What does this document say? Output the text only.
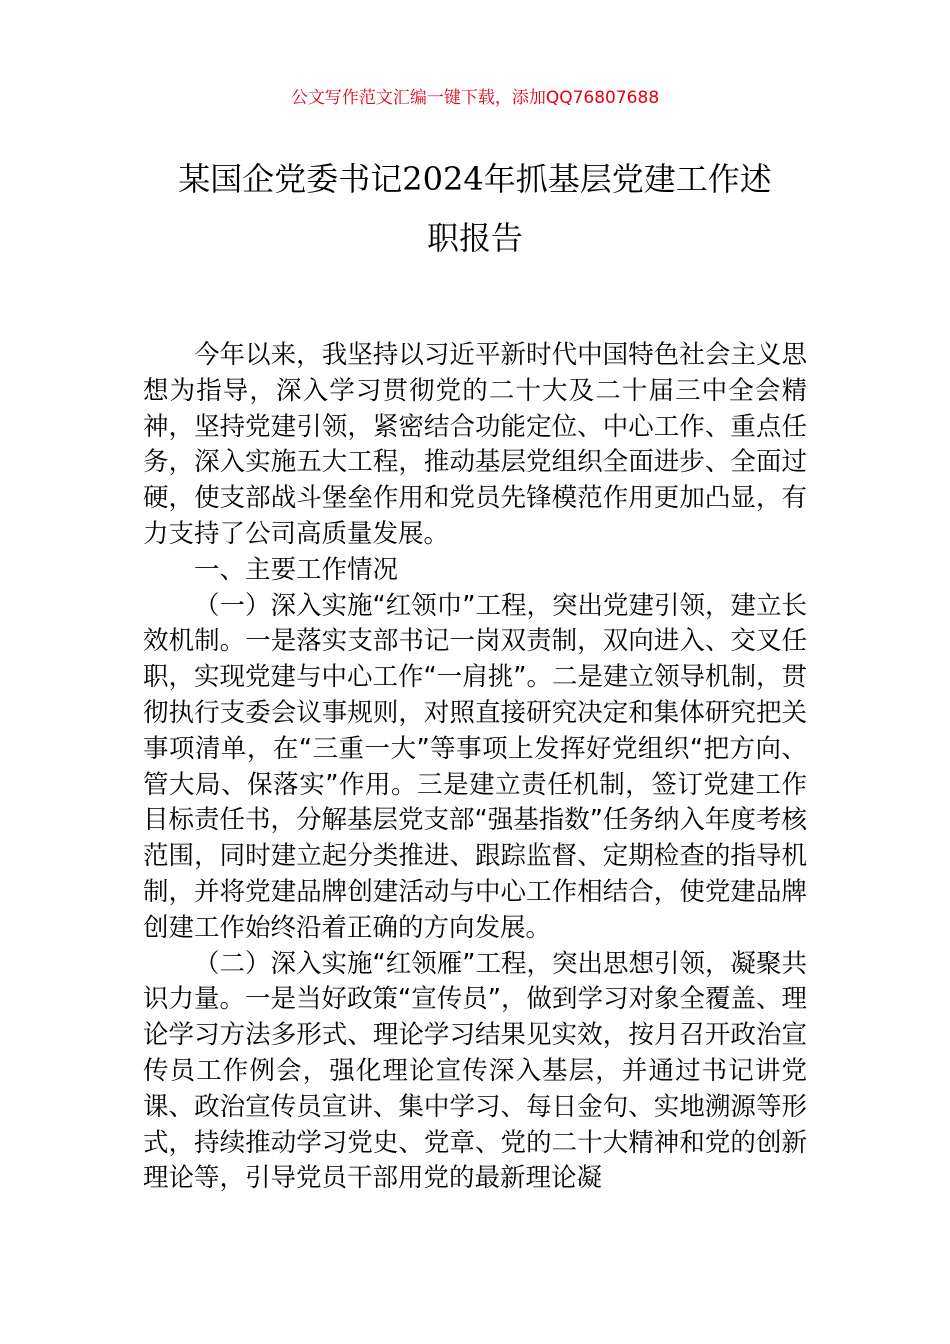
公文写作范文汇编一键下载，添加QQ76807688
某国企党委书记2024年抓基层党建工作述
职报告

今年以来，我坚持以习近平新时代中国特色社会主义思想为指导，深入学习贯彻党的二十大及二十届三中全会精神，坚持党建引领，紧密结合功能定位、中心工作、重点任务，深入实施五大工程，推动基层党组织全面进步、全面过硬，使支部战斗堡垒作用和党员先锋模范作用更加凸显，有力支持了公司高质量发展。

一、主要工作情况

（一）深入实施“红领巾”工程，突出党建引领，建立长效机制。一是落实支部书记一岗双责制，双向进入、交叉任职，实现党建与中心工作“一肩挑”。二是建立领导机制，贯彻执行支委会议事规则，对照直接研究决定和集体研究把关事项清单，在“三重一大”等事项上发挥好党组织“把方向、管大局、保落实”作用。三是建立责任机制，签订党建工作目标责任书，分解基层党支部“强基指数”任务纳入年度考核范围，同时建立起分类推进、跟踪监督、定期检查的指导机制，并将党建品牌创建活动与中心工作相结合，使党建品牌创建工作始终沿着正确的方向发展。

（二）深入实施“红领雁”工程，突出思想引领，凝聚共识力量。一是当好政策“宣传员”，做到学习对象全覆盖、理论学习方法多形式、理论学习结果见实效，按月召开政治宣传员工作例会，强化理论宣传深入基层，并通过书记讲党课、政治宣传员宣讲、集中学习、每日金句、实地溯源等形式，持续推动学习党史、党章、党的二十大精神和党的创新理论等，引导党员干部用党的最新理论凝
